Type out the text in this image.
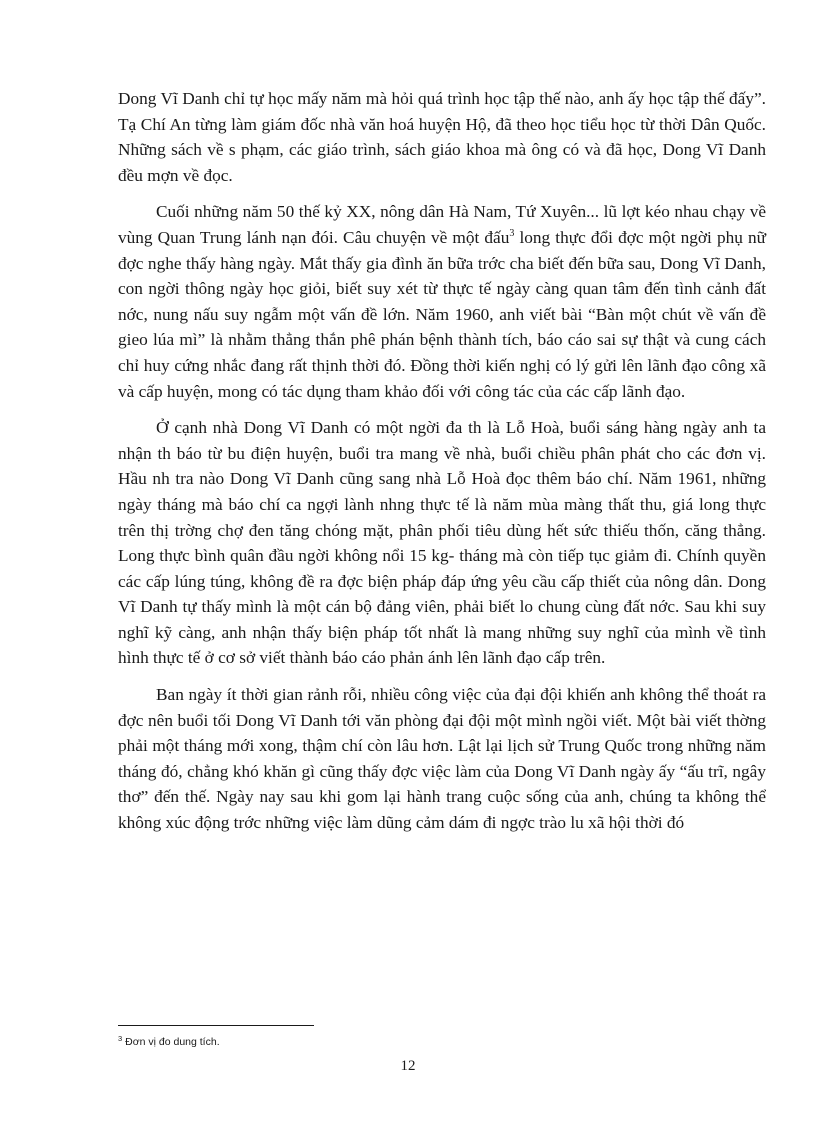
Dong Vĩ Danh chỉ tự học mấy năm mà hỏi quá trình học tập thế nào, anh ấy học tập thế đấy”. Tạ Chí An từng làm giám đốc nhà văn hoá huyện Hộ, đã theo học tiểu học từ thời Dân Quốc. Những sách về s phạm, các giáo trình, sách giáo khoa mà ông có và đã học, Dong Vĩ Danh đều mợn về đọc.

Cuối những năm 50 thế kỷ XX, nông dân Hà Nam, Tứ Xuyên... lũ lợt kéo nhau chạy về vùng Quan Trung lánh nạn đói. Câu chuyện về một đấu$^3$ long thực đổi đợc một ngời phụ nữ đợc nghe thấy hàng ngày. Mắt thấy gia đình ăn bữa trớc cha biết đến bữa sau, Dong Vĩ Danh, con ngời thông ngày học giỏi, biết suy xét từ thực tế ngày càng quan tâm đến tình cảnh đất nớc, nung nấu suy ngẫm một vấn đề lớn. Năm 1960, anh viết bài “Bàn một chút về vấn đề gieo lúa mì” là nhằm thẳng thắn phê phán bệnh thành tích, báo cáo sai sự thật và cung cách chỉ huy cứng nhắc đang rất thịnh thời đó. Đồng thời kiến nghị có lý gửi lên lãnh đạo công xã và cấp huyện, mong có tác dụng tham khảo đối với công tác của các cấp lãnh đạo.

Ở cạnh nhà Dong Vĩ Danh có một ngời đa th là Lỗ Hoà, buổi sáng hàng ngày anh ta nhận th báo từ bu điện huyện, buổi tra mang về nhà, buổi chiều phân phát cho các đơn vị. Hầu nh tra nào Dong Vĩ Danh cũng sang nhà Lỗ Hoà đọc thêm báo chí. Năm 1961, những ngày tháng mà báo chí ca ngợi lành nhng thực tế là năm mùa màng thất thu, giá long thực trên thị trờng chợ đen tăng chóng mặt, phân phối tiêu dùng hết sức thiếu thốn, căng thẳng. Long thực bình quân đầu ngời không nổi 15 kg- tháng mà còn tiếp tục giảm đi. Chính quyền các cấp lúng túng, không đề ra đợc biện pháp đáp ứng yêu cầu cấp thiết của nông dân. Dong Vĩ Danh tự thấy mình là một cán bộ đảng viên, phải biết lo chung cùng đất nớc. Sau khi suy nghĩ kỹ càng, anh nhận thấy biện pháp tốt nhất là mang những suy nghĩ của mình về tình hình thực tế ở cơ sở viết thành báo cáo phản ánh lên lãnh đạo cấp trên.

Ban ngày ít thời gian rảnh rỗi, nhiều công việc của đại đội khiến anh không thể thoát ra đợc nên buổi tối Dong Vĩ Danh tới văn phòng đại đội một mình ngồi viết. Một bài viết thờng phải một tháng mới xong, thậm chí còn lâu hơn. Lật lại lịch sử Trung Quốc trong những năm tháng đó, chẳng khó khăn gì cũng thấy đợc việc làm của Dong Vĩ Danh ngày ấy “ấu trĩ, ngây thơ” đến thế. Ngày nay sau khi gom lại hành trang cuộc sống của anh, chúng ta không thể không xúc động trớc những việc làm dũng cảm dám đi ngợc trào lu xã hội thời đó

$^3$ Đơn vị đo dung tích.
12
